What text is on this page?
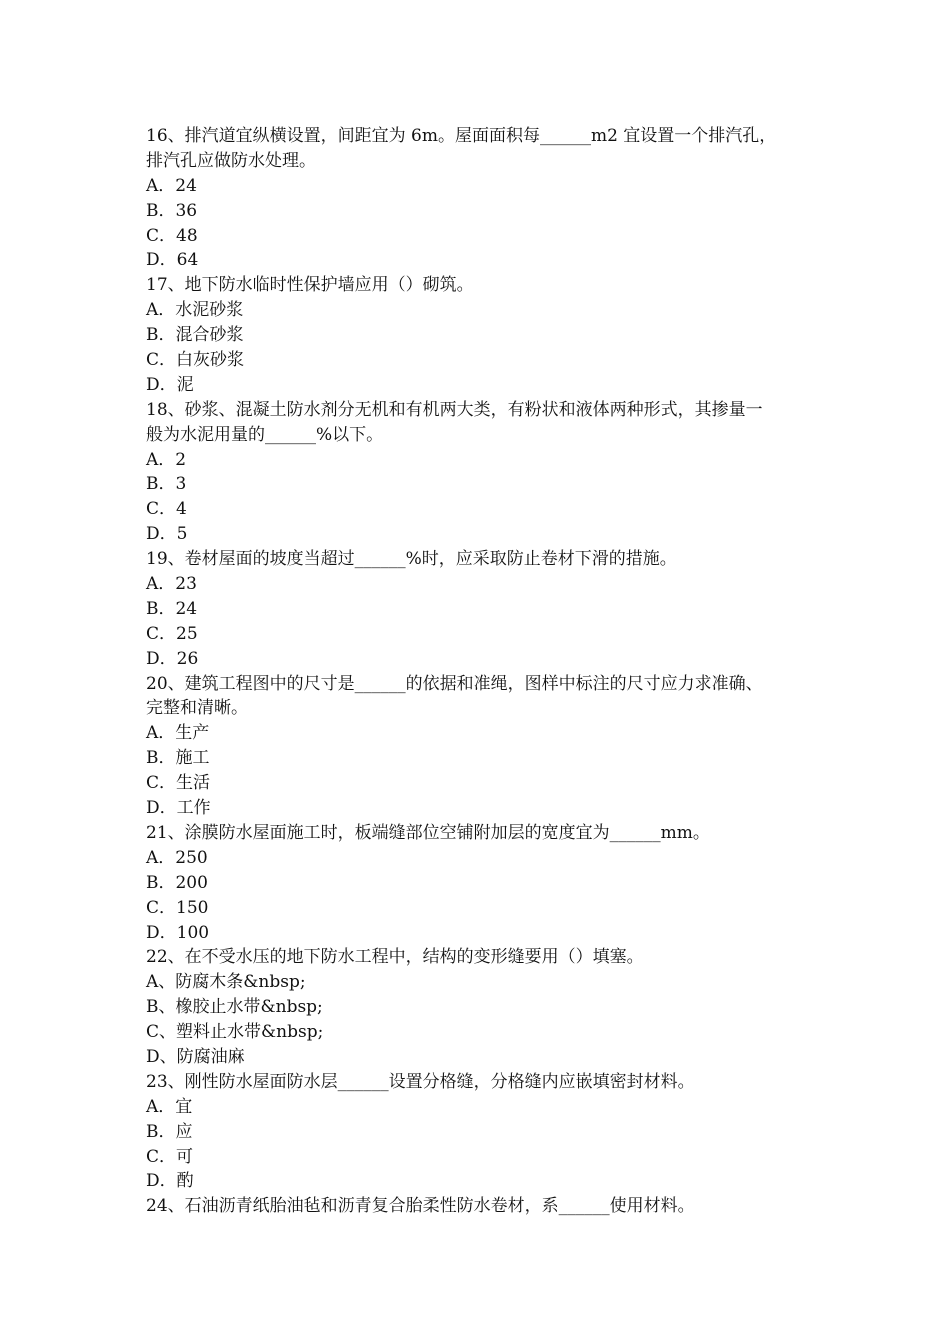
16、排汽道宜纵横设置，间距宜为 6m。屋面面积每______m2 宜设置一个排汽孔，
排汽孔应做防水处理。
A．24
B．36
C．48
D．64
17、地下防水临时性保护墙应用（）砌筑。
A．水泥砂浆
B．混合砂浆
C．白灰砂浆
D．泥
18、砂浆、混凝土防水剂分无机和有机两大类，有粉状和液体两种形式，其掺量一
般为水泥用量的______%以下。
A．2
B．3
C．4
D．5
19、卷材屋面的坡度当超过______%时，应采取防止卷材下滑的措施。
A．23
B．24
C．25
D．26
20、建筑工程图中的尺寸是______的依据和准绳，图样中标注的尺寸应力求准确、
完整和清晰。
A．生产
B．施工
C．生活
D．工作
21、涂膜防水屋面施工时，板端缝部位空铺附加层的宽度宜为______mm。
A．250
B．200
C．150
D．100
22、在不受水压的地下防水工程中，结构的变形缝要用（）填塞。
A、防腐木条&nbsp;
B、橡胶止水带&nbsp;
C、塑料止水带&nbsp;
D、防腐油麻
23、刚性防水屋面防水层______设置分格缝，分格缝内应嵌填密封材料。
A．宜
B．应
C．可
D．酌
24、石油沥青纸胎油毡和沥青复合胎柔性防水卷材，系______使用材料。
